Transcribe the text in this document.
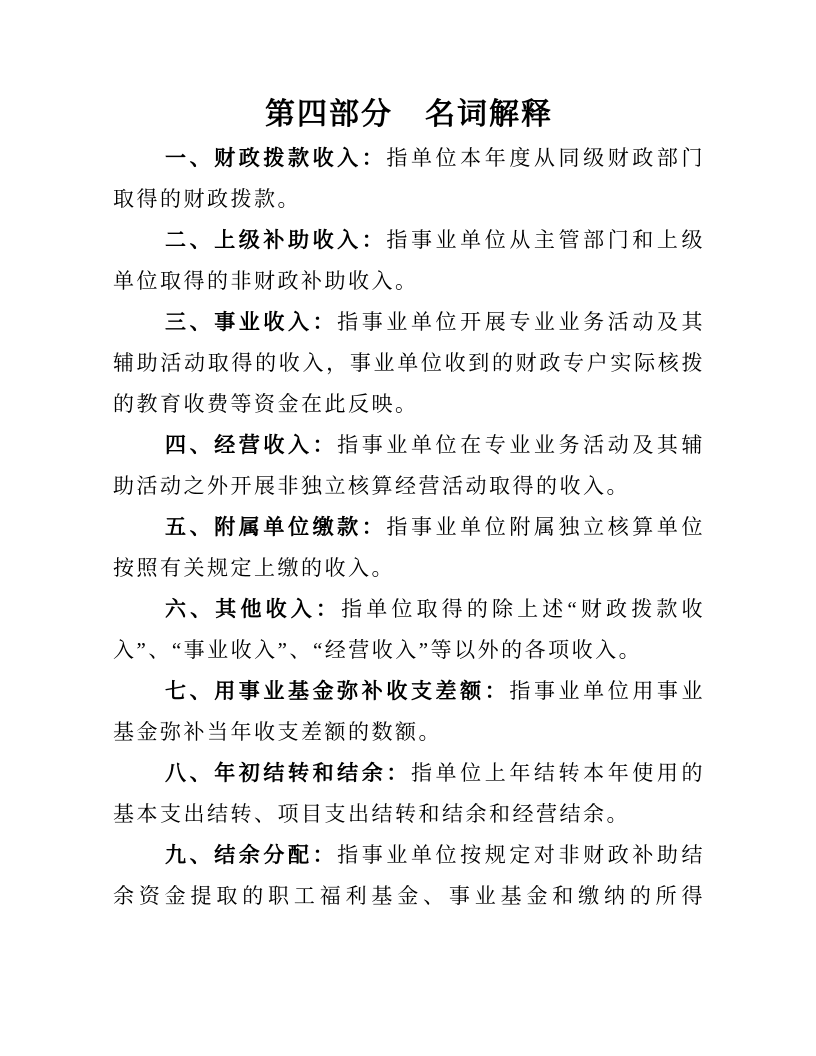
第四部分　名词解释

一、财政拨款收入：指单位本年度从同级财政部门取得的财政拨款。

二、上级补助收入：指事业单位从主管部门和上级单位取得的非财政补助收入。

三、事业收入：指事业单位开展专业业务活动及其辅助活动取得的收入，事业单位收到的财政专户实际核拨的教育收费等资金在此反映。

四、经营收入：指事业单位在专业业务活动及其辅助活动之外开展非独立核算经营活动取得的收入。

五、附属单位缴款：指事业单位附属独立核算单位按照有关规定上缴的收入。

六、其他收入：指单位取得的除上述“财政拨款收入”、“事业收入”、“经营收入”等以外的各项收入。

七、用事业基金弥补收支差额：指事业单位用事业基金弥补当年收支差额的数额。

八、年初结转和结余：指单位上年结转本年使用的基本支出结转、项目支出结转和结余和经营结余。

九、结余分配：指事业单位按规定对非财政补助结余资金提取的职工福利基金、事业基金和缴纳的所得
